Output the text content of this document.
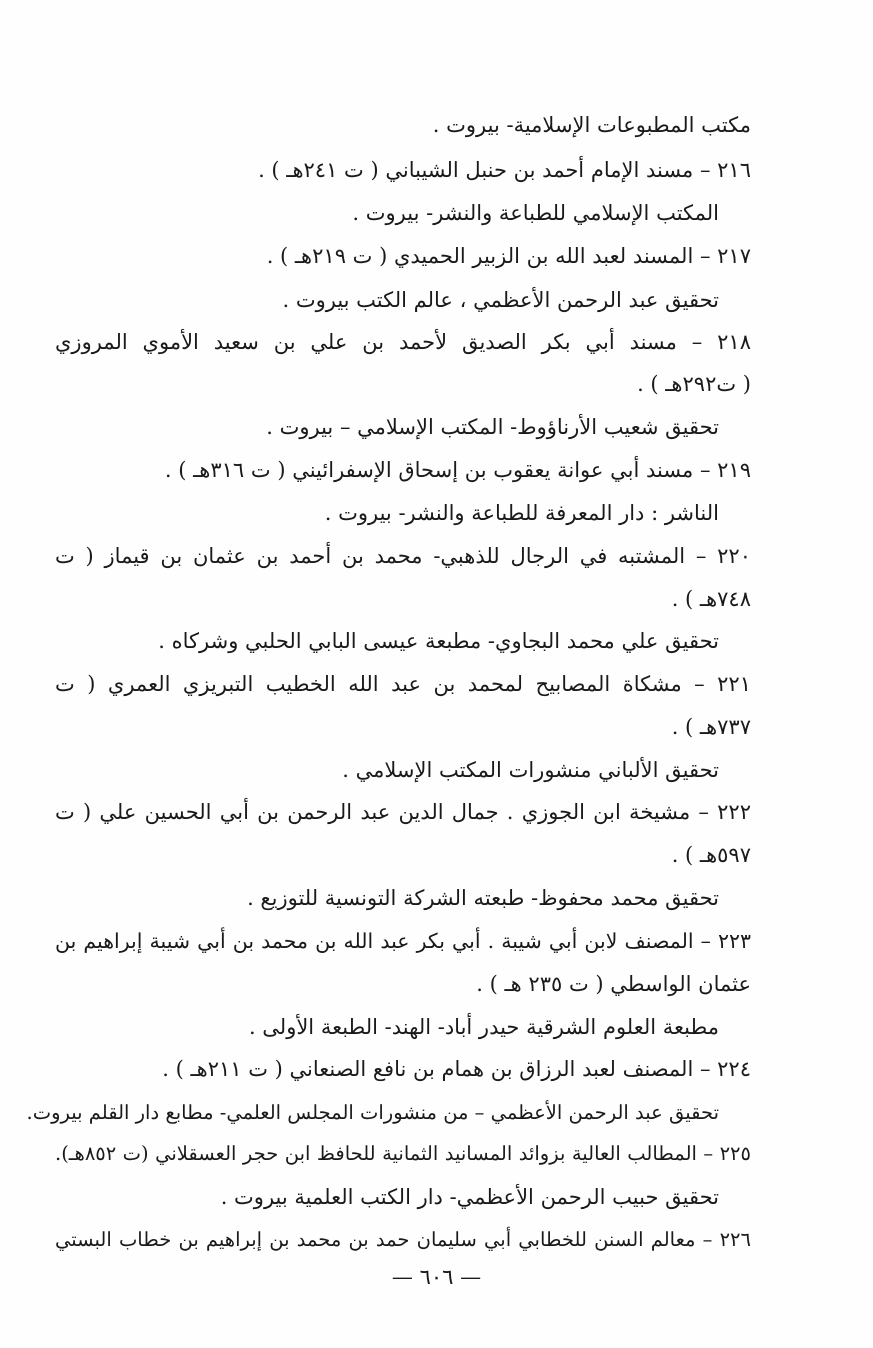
مكتب المطبوعات الإسلامية- بيروت .
٢١٦ – مسند الإمام أحمد بن حنبل الشيباني ( ت ٢٤١هـ ) .
المكتب الإسلامي للطباعة والنشر- بيروت .
٢١٧ – المسند لعبد الله بن الزبير الحميدي ( ت ٢١٩هـ ) .
تحقيق عبد الرحمن الأعظمي ، عالم الكتب بيروت .
٢١٨ – مسند أبي بكر الصديق لأحمد بن علي بن سعيد الأموي المروزي
( ت٢٩٢هـ ) .
تحقيق شعيب الأرناؤوط- المكتب الإسلامي – بيروت .
٢١٩ – مسند أبي عوانة يعقوب بن إسحاق الإسفرائيني ( ت ٣١٦هـ ) .
الناشر : دار المعرفة للطباعة والنشر- بيروت .
٢٢٠ – المشتبه في الرجال للذهبي- محمد بن أحمد بن عثمان بن قيماز ( ت
٧٤٨هـ ) .
تحقيق علي محمد البجاوي- مطبعة عيسى البابي الحلبي وشركاه .
٢٢١ – مشكاة المصابيح لمحمد بن عبد الله الخطيب التبريزي العمري ( ت
٧٣٧هـ ) .
تحقيق الألباني منشورات المكتب الإسلامي .
٢٢٢ – مشيخة ابن الجوزي . جمال الدين عبد الرحمن بن أبي الحسين علي ( ت
٥٩٧هـ ) .
تحقيق محمد محفوظ- طبعته الشركة التونسية للتوزيع .
٢٢٣ – المصنف لابن أبي شيبة . أبي بكر عبد الله بن محمد بن أبي شيبة إبراهيم بن
عثمان الواسطي ( ت ٢٣٥ هـ ) .
مطبعة العلوم الشرقية حيدر أباد- الهند- الطبعة الأولى .
٢٢٤ – المصنف لعبد الرزاق بن همام بن نافع الصنعاني ( ت ٢١١هـ ) .
تحقيق عبد الرحمن الأعظمي – من منشورات المجلس العلمي- مطابع دار القلم بيروت.
٢٢٥ – المطالب العالية بزوائد المسانيد الثمانية للحافظ ابن حجر العسقلاني (ت ٨٥٢هـ).
تحقيق حبيب الرحمن الأعظمي- دار الكتب العلمية بيروت .
٢٢٦ – معالم السنن للخطابي أبي سليمان حمد بن محمد بن إبراهيم بن خطاب البستي
— ٦٠٦ —
